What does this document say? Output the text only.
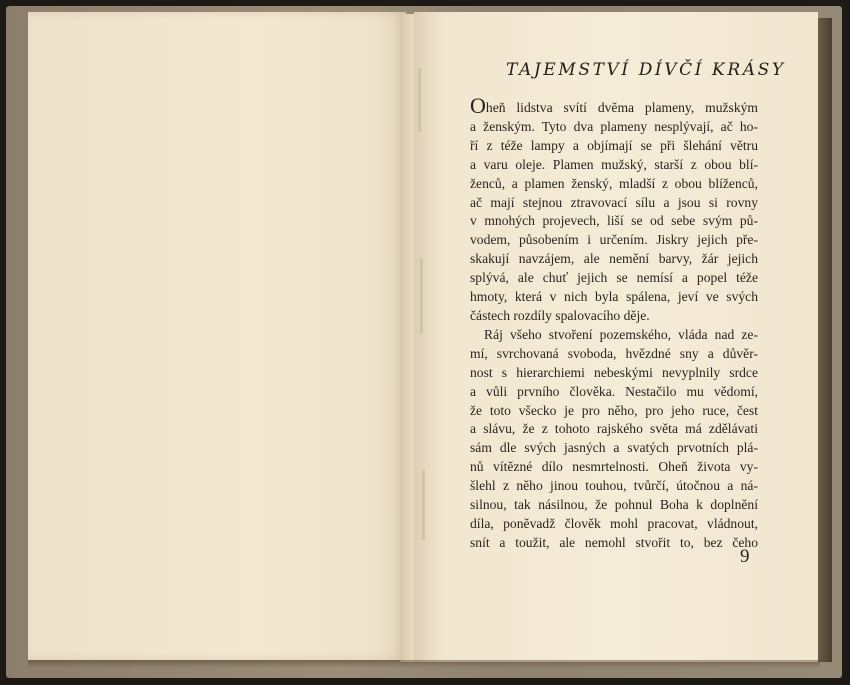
TAJEMSTVÍ DÍVČÍ KRÁSY
Oheň lidstva svítí dvěma plameny, mužským
a ženským. Tyto dva plameny nesplývají, ač ho-
ří z téže lampy a objímají se při šlehání větru
a varu oleje. Plamen mužský, starší z obou blí-
ženců, a plamen ženský, mladší z obou blíženců,
ač mají stejnou ztravovací sílu a jsou si rovny
v mnohých projevech, liší se od sebe svým pů-
vodem, působením i určením. Jiskry jejich pře-
skakují navzájem, ale nemění barvy, žár jejich
splývá, ale chuť jejich se nemísí a popel téže
hmoty, která v nich byla spálena, jeví ve svých
částech rozdíly spalovacího děje.
Ráj všeho stvoření pozemského, vláda nad ze-
mí, svrchovaná svoboda, hvězdné sny a důvěr-
nost s hierarchiemi nebeskými nevyplnily srdce
a vůli prvního člověka. Nestačilo mu vědomí,
že toto všecko je pro něho, pro jeho ruce, čest
a slávu, že z tohoto rajského světa má zdělávati
sám dle svých jasných a svatých prvotních plá-
nů vítězné dílo nesmrtelnosti. Oheň života vy-
šlehl z něho jinou touhou, tvůrčí, útočnou a ná-
silnou, tak násilnou, že pohnul Boha k doplnění
díla, poněvadž člověk mohl pracovat, vládnout,
snít a toužit, ale nemohl stvořit to, bez čeho
9
